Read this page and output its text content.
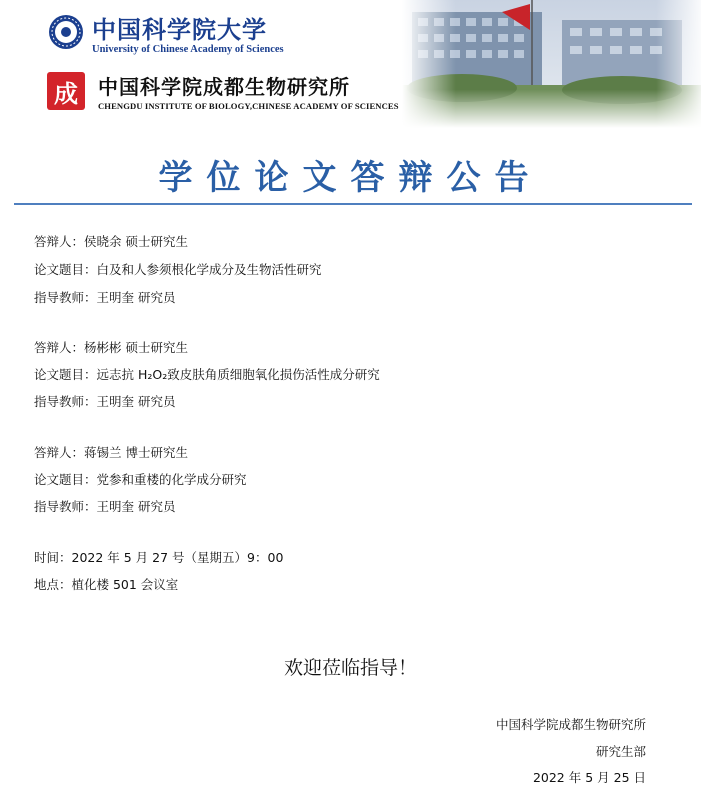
中国科学院大学
University of Chinese Academy of Sciences
成	中国科学院成都生物研究所
CHENGDU INSTITUTE OF BIOLOGY,CHINESE ACADEMY OF SCIENCES
学位论文答辩公告
答辩人：侯晓余 硕士研究生
论文题目：白及和人参须根化学成分及生物活性研究
指导教师：王明奎 研究员
答辩人：杨彬彬 硕士研究生
论文题目：远志抗 H₂O₂致皮肤角质细胞氧化损伤活性成分研究
指导教师：王明奎 研究员
答辩人：蒋锡兰 博士研究生
论文题目：党参和重楼的化学成分研究
指导教师：王明奎 研究员
时间：2022 年 5 月 27 号（星期五）9：00
地点：植化楼 501 会议室
欢迎莅临指导！
中国科学院成都生物研究所
研究生部
2022 年 5 月 25 日
